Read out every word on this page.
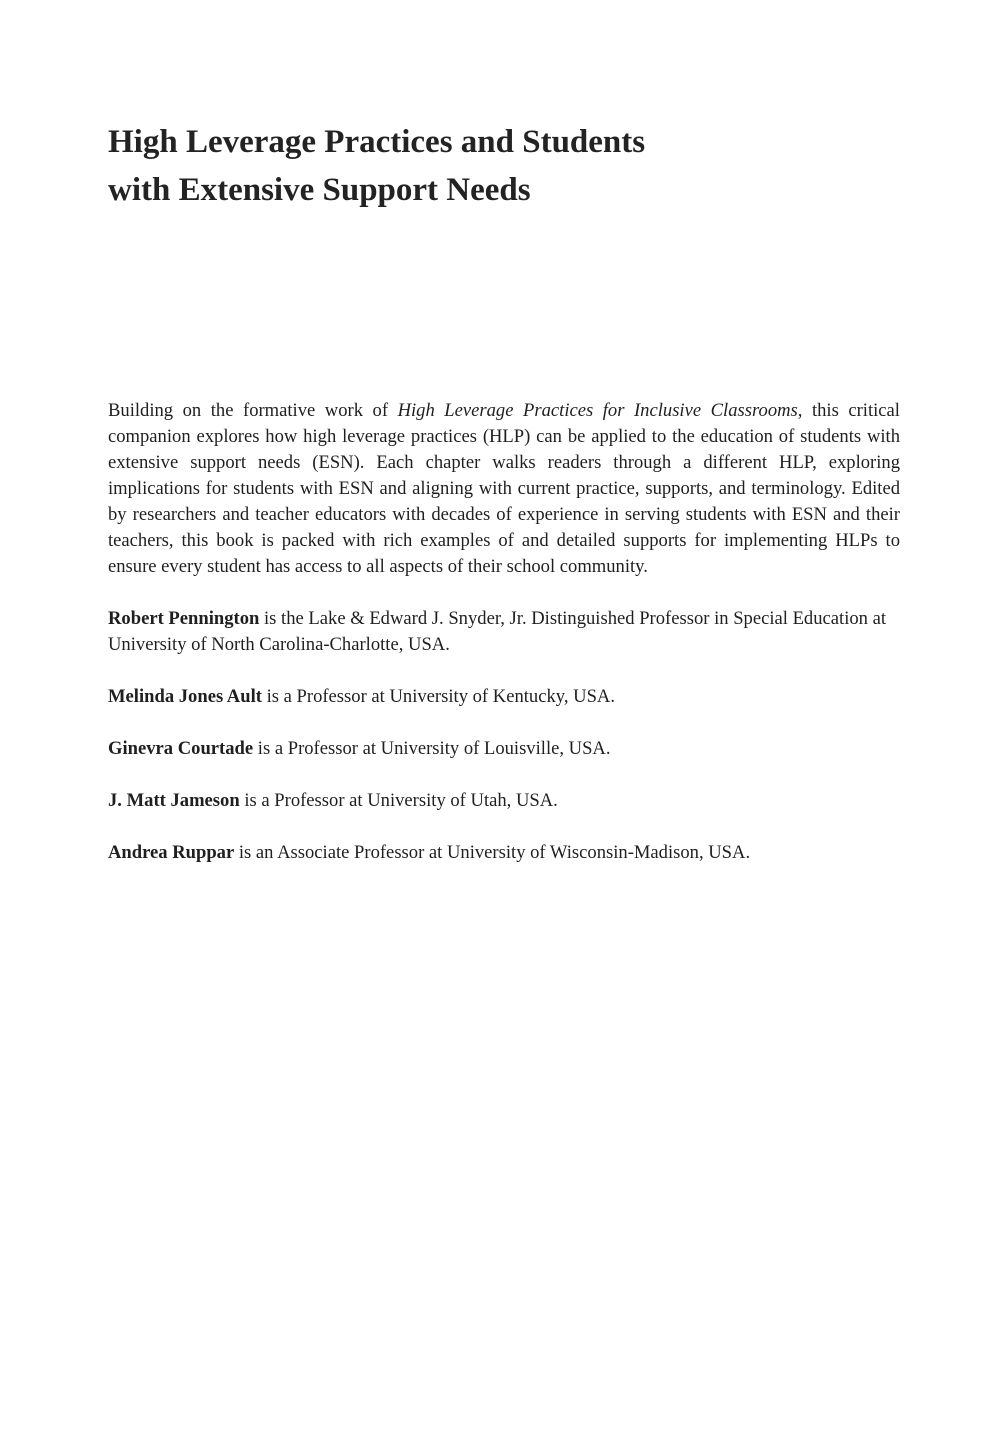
High Leverage Practices and Students
with Extensive Support Needs

Building on the formative work of High Leverage Practices for Inclusive Classrooms, this critical companion explores how high leverage practices (HLP) can be applied to the education of students with extensive support needs (ESN). Each chapter walks readers through a different HLP, exploring implications for students with ESN and aligning with current practice, supports, and terminology. Edited by researchers and teacher educators with decades of experience in serving students with ESN and their teachers, this book is packed with rich examples of and detailed supports for implementing HLPs to ensure every student has access to all aspects of their school community.

Robert Pennington is the Lake & Edward J. Snyder, Jr. Distinguished Professor in Special Education at University of North Carolina-Charlotte, USA.

Melinda Jones Ault is a Professor at University of Kentucky, USA.

Ginevra Courtade is a Professor at University of Louisville, USA.

J. Matt Jameson is a Professor at University of Utah, USA.

Andrea Ruppar is an Associate Professor at University of Wisconsin-Madison, USA.
